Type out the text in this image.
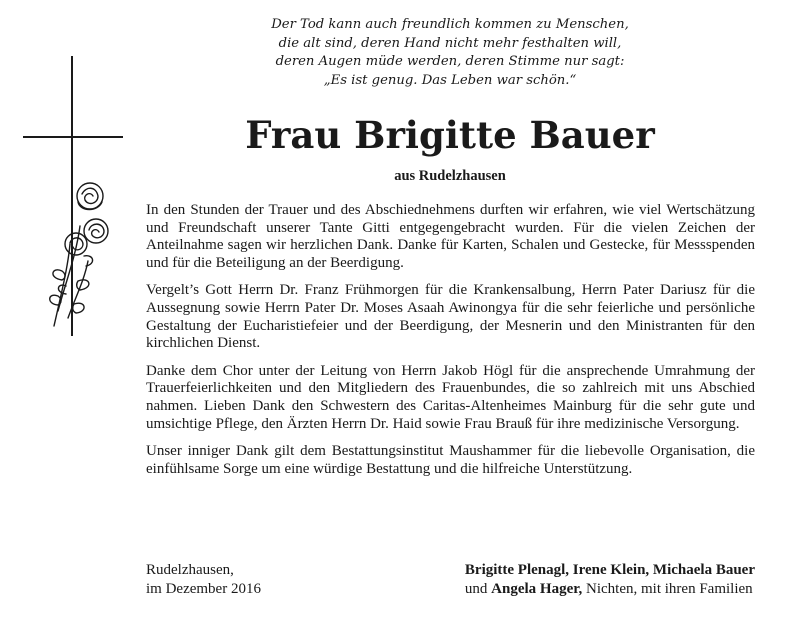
Der Tod kann auch freundlich kommen zu Menschen,
die alt sind, deren Hand nicht mehr festhalten will,
deren Augen müde werden, deren Stimme nur sagt:
„Es ist genug. Das Leben war schön.“
Frau Brigitte Bauer
aus Rudelzhausen

In den Stunden der Trauer und des Abschiednehmens durften wir erfahren, wie viel Wertschätzung und Freundschaft unserer Tante Gitti entgegengebracht wurden. Für die vielen Zeichen der Anteilnahme sagen wir herzlichen Dank. Danke für Karten, Schalen und Gestecke, für Messspenden und für die Beteiligung an der Beerdigung.

Vergelt’s Gott Herrn Dr. Franz Frühmorgen für die Krankensalbung, Herrn Pater Dariusz für die Aussegnung sowie Herrn Pater Dr. Moses Asaah Awinongya für die sehr feierliche und persönliche Gestaltung der Eucharistiefeier und der Beerdigung, der Mesnerin und den Ministranten für den kirchlichen Dienst.

Danke dem Chor unter der Leitung von Herrn Jakob Högl für die ansprechende Umrahmung der Trauerfeierlichkeiten und den Mitgliedern des Frauenbundes, die so zahlreich mit uns Abschied nahmen. Lieben Dank den Schwestern des Caritas-Altenheimes Mainburg für die sehr gute und umsichtige Pflege, den Ärzten Herrn Dr. Haid sowie Frau Brauß für ihre medizinische Versorgung.

Unser inniger Dank gilt dem Bestattungsinstitut Maushammer für die liebevolle Organisation, die einfühlsame Sorge um eine würdige Bestattung und die hilfreiche Unterstützung.

Rudelzhausen,
im Dezember 2016
Brigitte Plenagl, Irene Klein, Michaela Bauer
und Angela Hager, Nichten, mit ihren Familien
